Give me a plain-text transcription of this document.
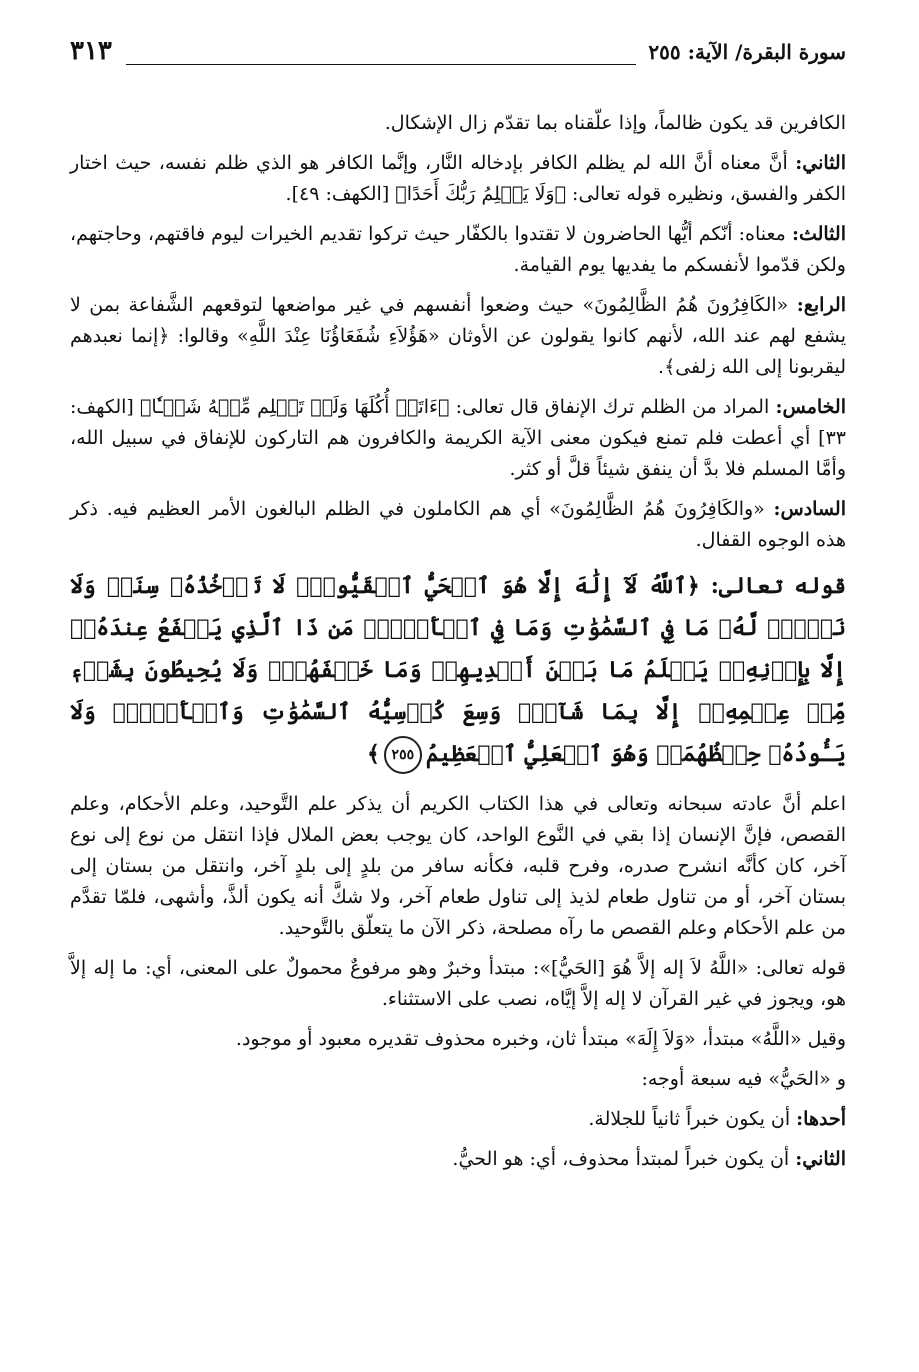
سورة البقرة/ الآية: ٢٥٥
٣١٣

الكافرين قد يكون ظالماً، وإذا علّقناه بما تقدّم زال الإشكال.

الثاني: أنَّ معناه أنَّ الله لم يظلم الكافر بإدخاله النَّار، وإنَّما الكافر هو الذي ظلم نفسه، حيث اختار الكفر والفسق، ونظيره قوله تعالى: ﴿وَلَا يَظۡلِمُ رَبُّكَ أَحَدًا﴾ [الكهف: ٤٩].

الثالث: معناه: أنّكم أيُّها الحاضرون لا تقتدوا بالكفّار حيث تركوا تقديم الخيرات ليوم فاقتهم، وحاجتهم، ولكن قدّموا لأنفسكم ما يفديها يوم القيامة.

الرابع: «الكَافِرُونَ هُمُ الظَّالِمُونَ» حيث وضعوا أنفسهم في غير مواضعها لتوقعهم الشَّفاعة بمن لا يشفع لهم عند الله، لأنهم كانوا يقولون عن الأوثان «هَؤُلاَءِ شُفَعَاؤُنَا عِنْدَ اللَّهِ» وقالوا: ﴿إنما نعبدهم ليقربونا إلى الله زلفى﴾.

الخامس: المراد من الظلم ترك الإنفاق قال تعالى: ﴿ءَاتَتۡ أُكُلَهَا وَلَمۡ تَظۡلِم مِّنۡهُ شَيۡـٔٗا﴾ [الكهف: ٣٣] أي أعطت فلم تمنع فيكون معنى الآية الكريمة والكافرون هم التاركون للإنفاق في سبيل الله، وأمَّا المسلم فلا بدَّ أن ينفق شيئاً قلَّ أو كثر.

السادس: «والكَافِرُونَ هُمُ الظَّالِمُونَ» أي هم الكاملون في الظلم البالغون الأمر العظيم فيه. ذكر هذه الوجوه القفال.

قوله تعالى: ﴿ٱللَّهُ لَآ إِلَٰهَ إِلَّا هُوَ ٱلۡحَيُّ ٱلۡقَيُّومُۚ لَا تَأۡخُذُهُۥ سِنَةٞ وَلَا نَوۡمٞۚ لَّهُۥ مَا فِي ٱلسَّمَٰوَٰتِ وَمَا فِي ٱلۡأَرۡضِۗ مَن ذَا ٱلَّذِي يَشۡفَعُ عِندَهُۥٓ إِلَّا بِإِذۡنِهِۦۚ يَعۡلَمُ مَا بَيۡنَ أَيۡدِيهِمۡ وَمَا خَلۡفَهُمۡۖ وَلَا يُحِيطُونَ بِشَيۡءٖ مِّنۡ عِلۡمِهِۦٓ إِلَّا بِمَا شَآءَۚ وَسِعَ كُرۡسِيُّهُ ٱلسَّمَٰوَٰتِ وَٱلۡأَرۡضَۖ وَلَا يَـُٔودُهُۥ حِفۡظُهُمَاۚ وَهُوَ ٱلۡعَلِيُّ ٱلۡعَظِيمُ٢٥٥﴾

اعلم أنَّ عادته سبحانه وتعالى في هذا الكتاب الكريم أن يذكر علم التَّوحيد، وعلم الأحكام، وعلم القصص، فإنَّ الإنسان إذا بقي في النَّوع الواحد، كان يوجب بعض الملال فإذا انتقل من نوع إلى نوع آخر، كان كأنَّه انشرح صدره، وفرح قلبه، فكأنه سافر من بلدٍ إلى بلدٍ آخر، وانتقل من بستان إلى بستان آخر، أو من تناول طعام لذيذ إلى تناول طعام آخر، ولا شكَّ أنه يكون ألذَّ، وأشهى، فلمّا تقدَّم من علم الأحكام وعلم القصص ما رآه مصلحة، ذكر الآن ما يتعلّق بالتَّوحيد.

قوله تعالى: «اللَّهُ لاَ إله إلاَّ هُوَ [الحَيُّ]»: مبتدأ وخبرٌ وهو مرفوعٌ محمولٌ على المعنى، أي: ما إله إلاَّ هو، ويجوز في غير القرآن لا إله إلاَّ إيَّاه، نصب على الاستثناء.

وقيل «اللَّهُ» مبتدأ، «وَلاَ إِلَهَ» مبتدأ ثان، وخبره محذوف تقديره معبود أو موجود.

و «الحَيُّ» فيه سبعة أوجه:

أحدها: أن يكون خبراً ثانياً للجلالة.

الثاني: أن يكون خبراً لمبتدأ محذوف، أي: هو الحيُّ.
